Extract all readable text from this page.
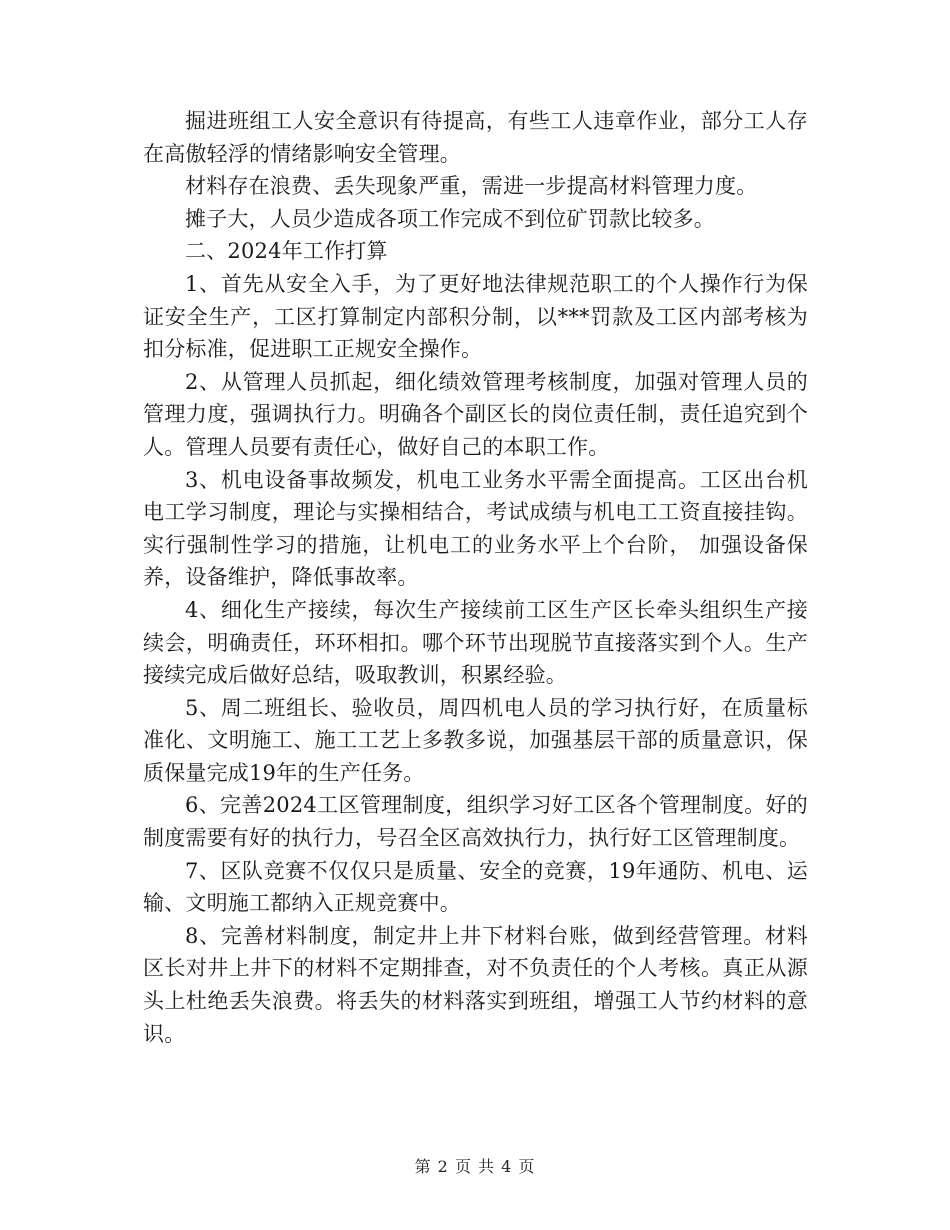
掘进班组工人安全意识有待提高，有些工人违章作业，部分工人存在高傲轻浮的情绪影响安全管理。

材料存在浪费、丢失现象严重，需进一步提高材料管理力度。

摊子大，人员少造成各项工作完成不到位矿罚款比较多。

二、2024年工作打算

1、首先从安全入手，为了更好地法律规范职工的个人操作行为保证安全生产，工区打算制定内部积分制，以***罚款及工区内部考核为扣分标准，促进职工正规安全操作。

2、从管理人员抓起，细化绩效管理考核制度，加强对管理人员的管理力度，强调执行力。明确各个副区长的岗位责任制，责任追究到个人。管理人员要有责任心，做好自己的本职工作。

3、机电设备事故频发，机电工业务水平需全面提高。工区出台机电工学习制度，理论与实操相结合，考试成绩与机电工工资直接挂钩。实行强制性学习的措施，让机电工的业务水平上个台阶， 加强设备保养，设备维护，降低事故率。

4、细化生产接续，每次生产接续前工区生产区长牵头组织生产接续会，明确责任，环环相扣。哪个环节出现脱节直接落实到个人。生产接续完成后做好总结，吸取教训，积累经验。

5、周二班组长、验收员，周四机电人员的学习执行好，在质量标准化、文明施工、施工工艺上多教多说，加强基层干部的质量意识，保质保量完成19年的生产任务。

6、完善2024工区管理制度，组织学习好工区各个管理制度。好的制度需要有好的执行力，号召全区高效执行力，执行好工区管理制度。

7、区队竞赛不仅仅只是质量、安全的竞赛，19年通防、机电、运输、文明施工都纳入正规竞赛中。

8、完善材料制度，制定井上井下材料台账，做到经营管理。材料区长对井上井下的材料不定期排查，对不负责任的个人考核。真正从源头上杜绝丢失浪费。将丢失的材料落实到班组，增强工人节约材料的意识。

第 2 页 共 4 页
